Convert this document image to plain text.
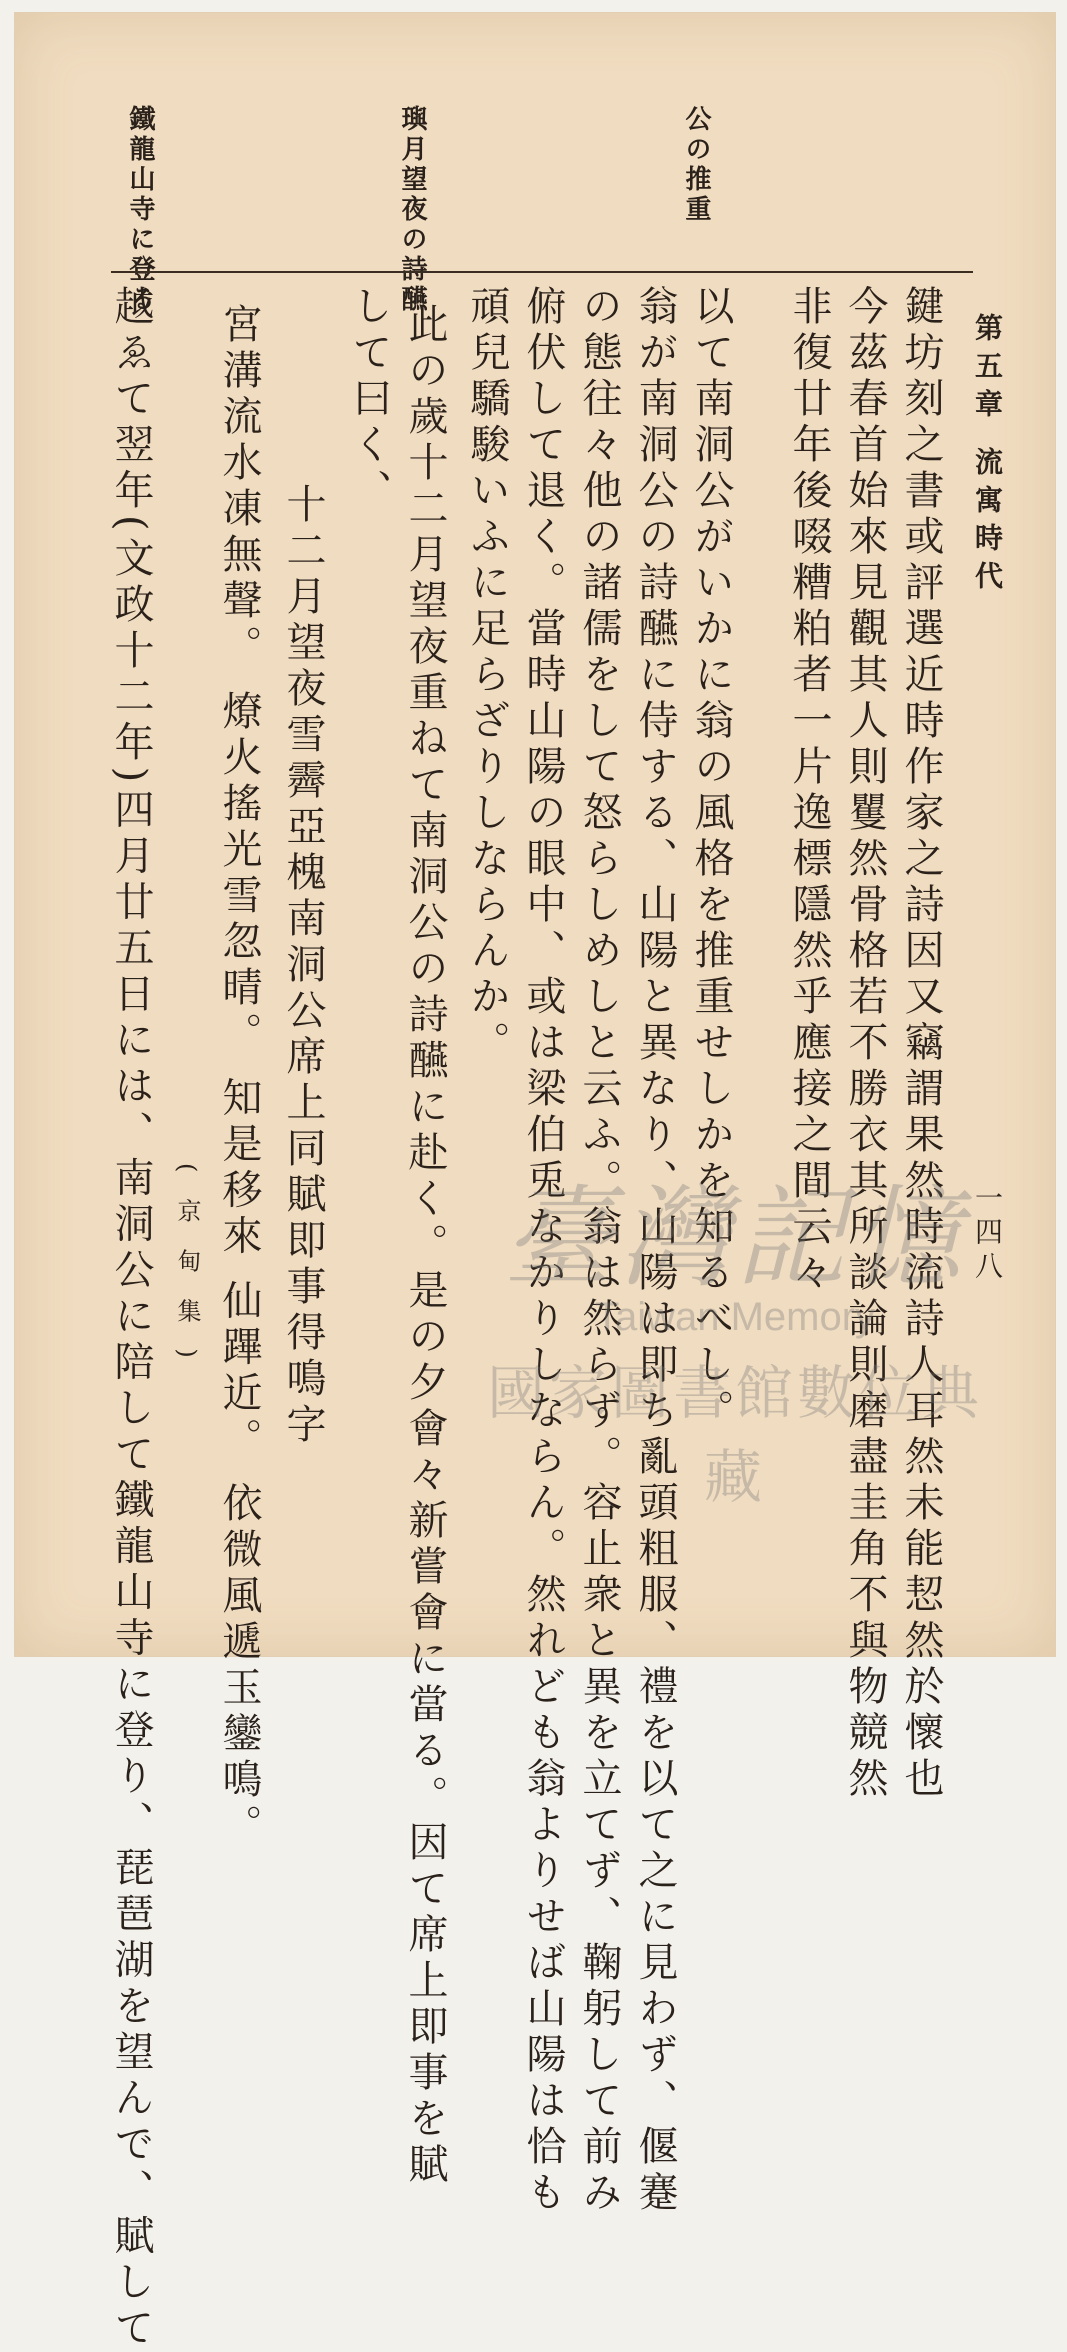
第五章 流寓時代
一四八
公の推重
璵月望夜の詩醼
鐵龍山寺に登る
鍵坊刻之書或評選近時作家之詩因又竊謂果然時流詩人耳然未能恝然於懷也
今茲春首始來見觀其人則矍然骨格若不勝衣其所談論則磨盡圭角不與物競然
非復廿年後啜糟粕者一片逸標隱然乎應接之間云々
以て南洞公がいかに翁の風格を推重せしかを知るべし。
翁が南洞公の詩醼に侍する、山陽と異なり、山陽は即ち亂頭粗服、禮を以て之に見わず、偃蹇
の態往々他の諸儒をして怒らしめしと云ふ。翁は然らず。容止衆と異を立てず、鞠躬して前み
俯伏して退く。當時山陽の眼中、或は梁伯兎なかりしならん。然れども翁よりせば山陽は恰も
頑兒驕駿いふに足らざりしならんか。
此の歲十二月望夜重ねて南洞公の詩醼に赴く。是の夕會々新嘗會に當る。因て席上即事を賦
して曰く、
十二月望夜雪霽亞槐南洞公席上同賦即事得鳴字
宮溝流水凍無聲。 燎火搖光雪忽晴。 知是移來 仙蹕近。 依微風遞玉鑾鳴。
(京甸集)
越ゑて翌年(文政十二年)四月廿五日には、南洞公に陪して鐵龍山寺に登り、琵琶湖を望んで、賦して	臺灣記憶
Taiwan Memory
國家圖書館數位典藏
